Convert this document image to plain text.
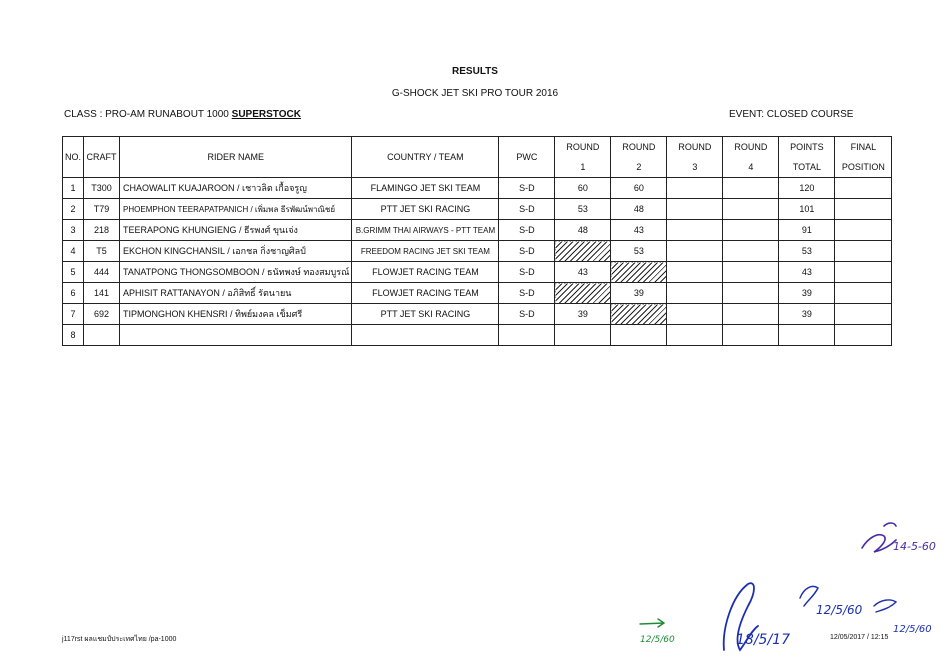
RESULTS
G-SHOCK JET SKI PRO TOUR 2016
CLASS : PRO-AM RUNABOUT 1000 SUPERSTOCK	EVENT: CLOSED COURSE
NO.	CRAFT	RIDER NAME	COUNTRY / TEAM	PWC	ROUND	ROUND	ROUND	ROUND	POINTS	FINAL
					1	2	3	4	TOTAL	POSITION
1	T300	CHAOWALIT KUAJAROON / เชาวลิต เกื้อจรูญ	FLAMINGO JET SKI TEAM	S-D	60	60			120	
2	T79	PHOEMPHON TEERAPATPANICH / เพิ่มพล ธีรพัฒน์พาณิชย์	PTT JET SKI RACING	S-D	53	48			101	
3	218	TEERAPONG KHUNGIENG / ธีรพงศ์ ขุนเจ่ง	B.GRIMM THAI AIRWAYS - PTT TEAM	S-D	48	43			91	
4	T5	EKCHON KINGCHANSIL / เอกชล กิ่งชาญศิลป์	FREEDOM RACING JET SKI TEAM	S-D		53			53	
5	444	TANATPONG THONGSOMBOON / ธนัทพงษ์ ทองสมบูรณ์	FLOWJET RACING TEAM	S-D	43				43	
6	141	APHISIT RATTANAYON / อภิสิทธิ์ รัตนายน	FLOWJET RACING TEAM	S-D		39			39	
7	692	TIPMONGHON KHENSRI / ทิพย์มงคล เข็มศรี	PTT JET SKI RACING	S-D	39				39	
8										
j117rst ผลแชมป์ประเทศไทย /pa-1000	12/05/2017 / 12:15
14-5-60
18/5/17
12/5/60
12/5/60
12/5/60
